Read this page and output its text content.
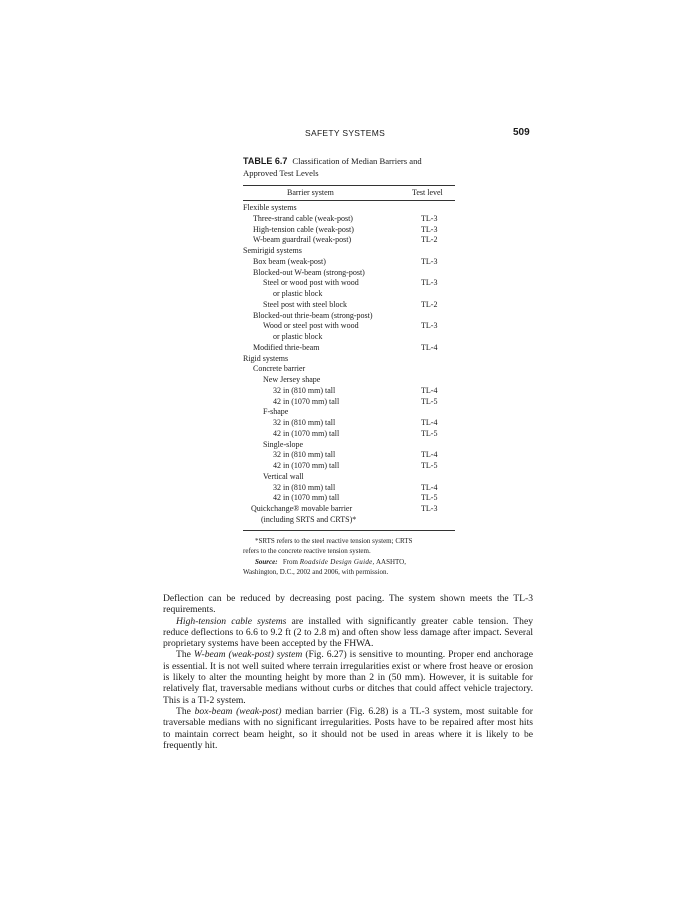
SAFETY SYSTEMS	509
TABLE 6.7 Classification of Median Barriers and
Approved Test Levels
Barrier system	Test level
Flexible systems
Three-strand cable (weak-post)	TL-3
High-tension cable (weak-post)	TL-3
W-beam guardrail (weak-post)	TL-2
Semirigid systems
Box beam (weak-post)	TL-3
Blocked-out W-beam (strong-post)
Steel or wood post with wood	TL-3
or plastic block
Steel post with steel block	TL-2
Blocked-out thrie-beam (strong-post)
Wood or steel post with wood	TL-3
or plastic block
Modified thrie-beam	TL-4
Rigid systems
Concrete barrier
New Jersey shape
32 in (810 mm) tall	TL-4
42 in (1070 mm) tall	TL-5
F-shape
32 in (810 mm) tall	TL-4
42 in (1070 mm) tall	TL-5
Single-slope
32 in (810 mm) tall	TL-4
42 in (1070 mm) tall	TL-5
Vertical wall
32 in (810 mm) tall	TL-4
42 in (1070 mm) tall	TL-5
Quickchange® movable barrier	TL-3
(including SRTS and CRTS)*

*SRTS refers to the steel reactive tension system; CRTS

refers to the concrete reactive tension system.

Source: From Roadside Design Guide, AASHTO,

Washington, D.C., 2002 and 2006, with permission.

Deflection can be reduced by decreasing post pacing. The system shown meets the TL-3 requirements.

High-tension cable systems are installed with significantly greater cable tension. They reduce deflections to 6.6 to 9.2 ft (2 to 2.8 m) and often show less damage after impact. Several proprietary systems have been accepted by the FHWA.

The W-beam (weak-post) system (Fig. 6.27) is sensitive to mounting. Proper end anchorage is essential. It is not well suited where terrain irregularities exist or where frost heave or erosion is likely to alter the mounting height by more than 2 in (50 mm). However, it is suitable for relatively flat, traversable medians without curbs or ditches that could affect vehicle trajectory. This is a Tl-2 system.

The box-beam (weak-post) median barrier (Fig. 6.28) is a TL-3 system, most suitable for traversable medians with no significant irregularities. Posts have to be repaired after most hits to maintain correct beam height, so it should not be used in areas where it is likely to be frequently hit.
